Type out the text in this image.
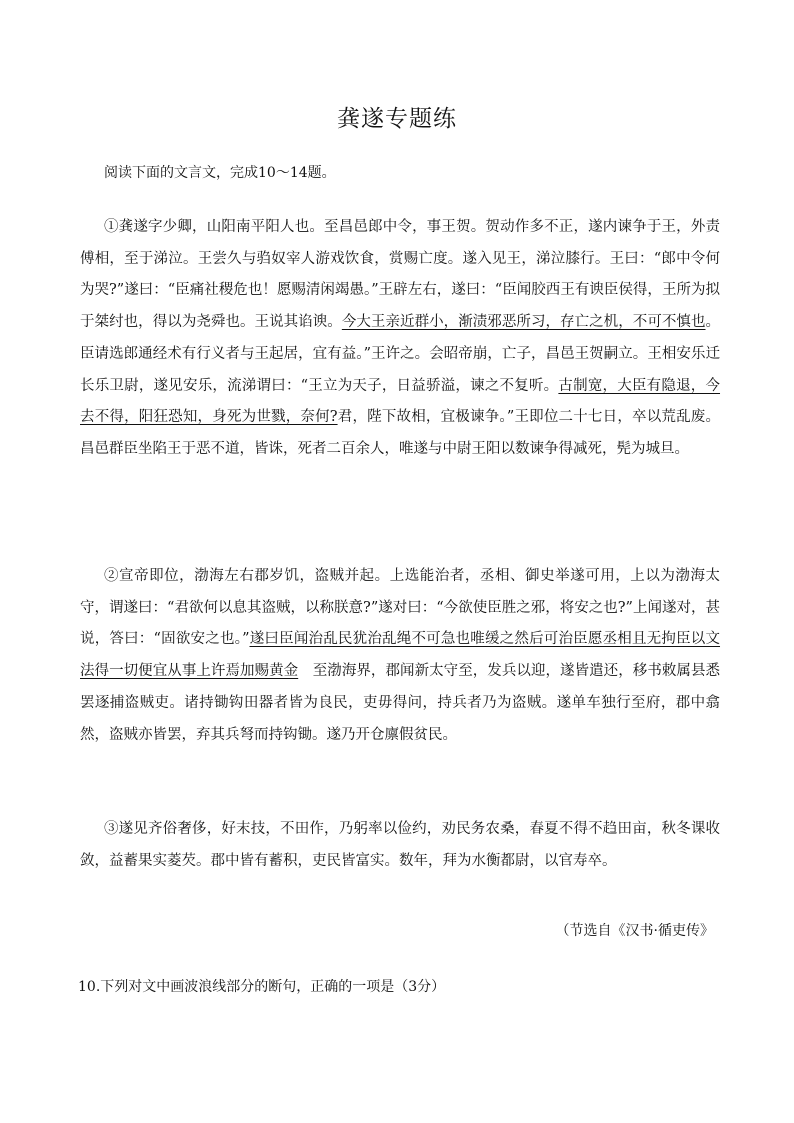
龚遂专题练
阅读下面的文言文，完成10～14题。

①龚遂字少卿，山阳南平阳人也。至昌邑郎中令，事王贺。贺动作多不正，遂内谏争于王，外责傅相，至于涕泣。王尝久与驺奴宰人游戏饮食，赏赐亡度。遂入见王，涕泣膝行。王曰：“郎中令何为哭?”遂曰：“臣痛社稷危也！愿赐清闲竭愚。”王辟左右，遂曰：“臣闻胶西王有谀臣侯得，王所为拟于桀纣也，得以为尧舜也。王说其谄谀。今大王亲近群小，渐渍邪恶所习，存亡之机，不可不慎也。臣请选郎通经术有行义者与王起居，宜有益。”王许之。会昭帝崩，亡子，昌邑王贺嗣立。王相安乐迁长乐卫尉，遂见安乐，流涕谓曰：“王立为天子，日益骄溢，谏之不复听。古制宽，大臣有隐退，今去不得，阳狂恐知，身死为世戮，奈何?君，陛下故相，宜极谏争。”王即位二十七日，卒以荒乱废。昌邑群臣坐陷王于恶不道，皆诛，死者二百余人，唯遂与中尉王阳以数谏争得减死，髡为城旦。

②宣帝即位，渤海左右郡岁饥，盗贼并起。上选能治者，丞相、御史举遂可用，上以为渤海太守，谓遂曰：“君欲何以息其盗贼，以称朕意?”遂对曰：“今欲使臣胜之邪，将安之也?”上闻遂对，甚说，答曰：“固欲安之也。”遂曰臣闻治乱民犹治乱绳不可急也唯缓之然后可治臣愿丞相且无拘臣以文法得一切便宜从事上许焉加赐黄金　至渤海界，郡闻新太守至，发兵以迎，遂皆遣还，移书敕属县悉罢逐捕盗贼吏。诸持锄钩田器者皆为良民，吏毋得问，持兵者乃为盗贼。遂单车独行至府，郡中翕然，盗贼亦皆罢，弃其兵弩而持钩锄。遂乃开仓廪假贫民。

③遂见齐俗奢侈，好末技，不田作，乃躬率以俭约，劝民务农桑，春夏不得不趋田亩，秋冬课收敛，益蓄果实菱芡。郡中皆有蓄积，吏民皆富实。数年，拜为水衡都尉，以官寿卒。

（节选自《汉书·循吏传》
10.下列对文中画波浪线部分的断句，正确的一项是（3分）
